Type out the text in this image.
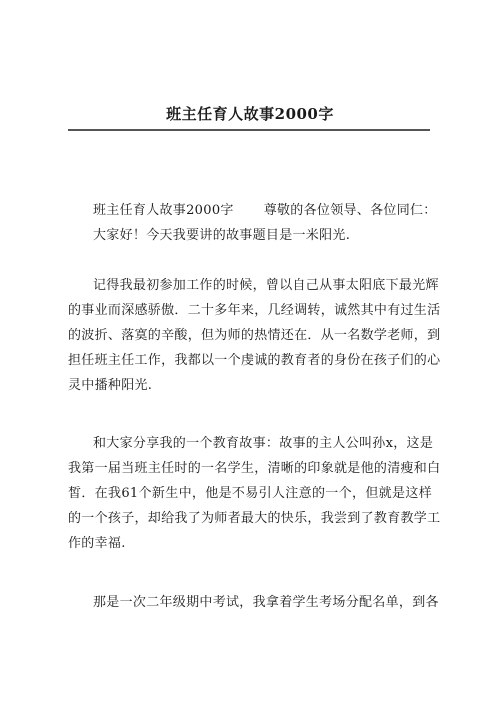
班主任育人故事2000字
班主任育人故事2000字 尊敬的各位领导、各位同仁：
大家好！今天我要讲的故事题目是一米阳光.
记得我最初参加工作的时候，曾以自己从事太阳底下最光辉
的事业而深感骄傲．二十多年来，几经调转，诚然其中有过生活
的波折、落寞的辛酸，但为师的热情还在．从一名数学老师，到
担任班主任工作，我都以一个虔诚的教育者的身份在孩子们的心
灵中播种阳光.
和大家分享我的一个教育故事：故事的主人公叫孙x，这是
我第一届当班主任时的一名学生，清晰的印象就是他的清瘦和白
皙．在我61个新生中，他是不易引人注意的一个，但就是这样
的一个孩子，却给我了为师者最大的快乐，我尝到了教育教学工
作的幸福.
那是一次二年级期中考试，我拿着学生考场分配名单，到各
